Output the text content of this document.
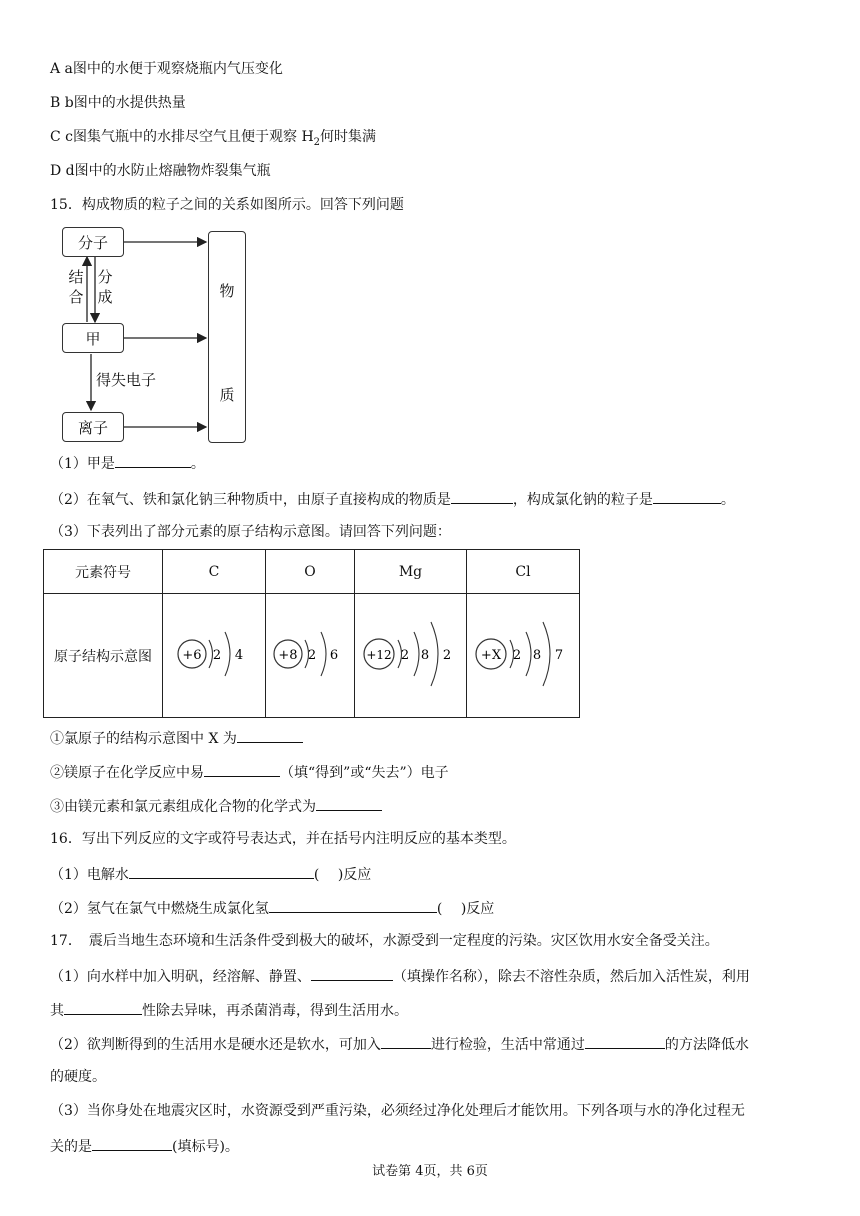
A a图中的水便于观察烧瓶内气压变化
B b图中的水提供热量
C c图集气瓶中的水排尽空气且便于观察 $H_2$何时集满
D d图中的水防止熔融物炸裂集气瓶
15．构成物质的粒子之间的关系如图所示。回答下列问题
分子
结合
分成
甲
得失电子
离子
物
质
（1）甲是	。
（2）在氧气、铁和氯化钠三种物质中，由原子直接构成的物质是	，构成氯化钠的粒子是	。
（3）下表列出了部分元素的原子结构示意图。请回答下列问题：
元素符号	C	O	Mg	Cl
原子结构示意图	+6 2 4	+8 2 6	+12 2 8 2	+X 2 8 7
①氯原子的结构示意图中 X 为
②镁原子在化学反应中易	（填“得到”或“失去”）电子
③由镁元素和氯元素组成化合物的化学式为
16．写出下列反应的文字或符号表达式，并在括号内注明反应的基本类型。
（1）电解水	(　 )反应
（2）氢气在氯气中燃烧生成氯化氢	(　 )反应
17．　震后当地生态环境和生活条件受到极大的破坏，水源受到一定程度的污染。灾区饮用水安全备受关注。
（1）向水样中加入明矾，经溶解、静置、	（填操作名称），除去不溶性杂质，然后加入活性炭，利用
其	性除去异味，再杀菌消毒，得到生活用水。
（2）欲判断得到的生活用水是硬水还是软水，可加入	进行检验，生活中常通过	的方法降低水
的硬度。
（3）当你身处在地震灾区时，水资源受到严重污染，必须经过净化处理后才能饮用。下列各项与水的净化过程无
关的是	(填标号)。
试卷第 4页，共 6页
